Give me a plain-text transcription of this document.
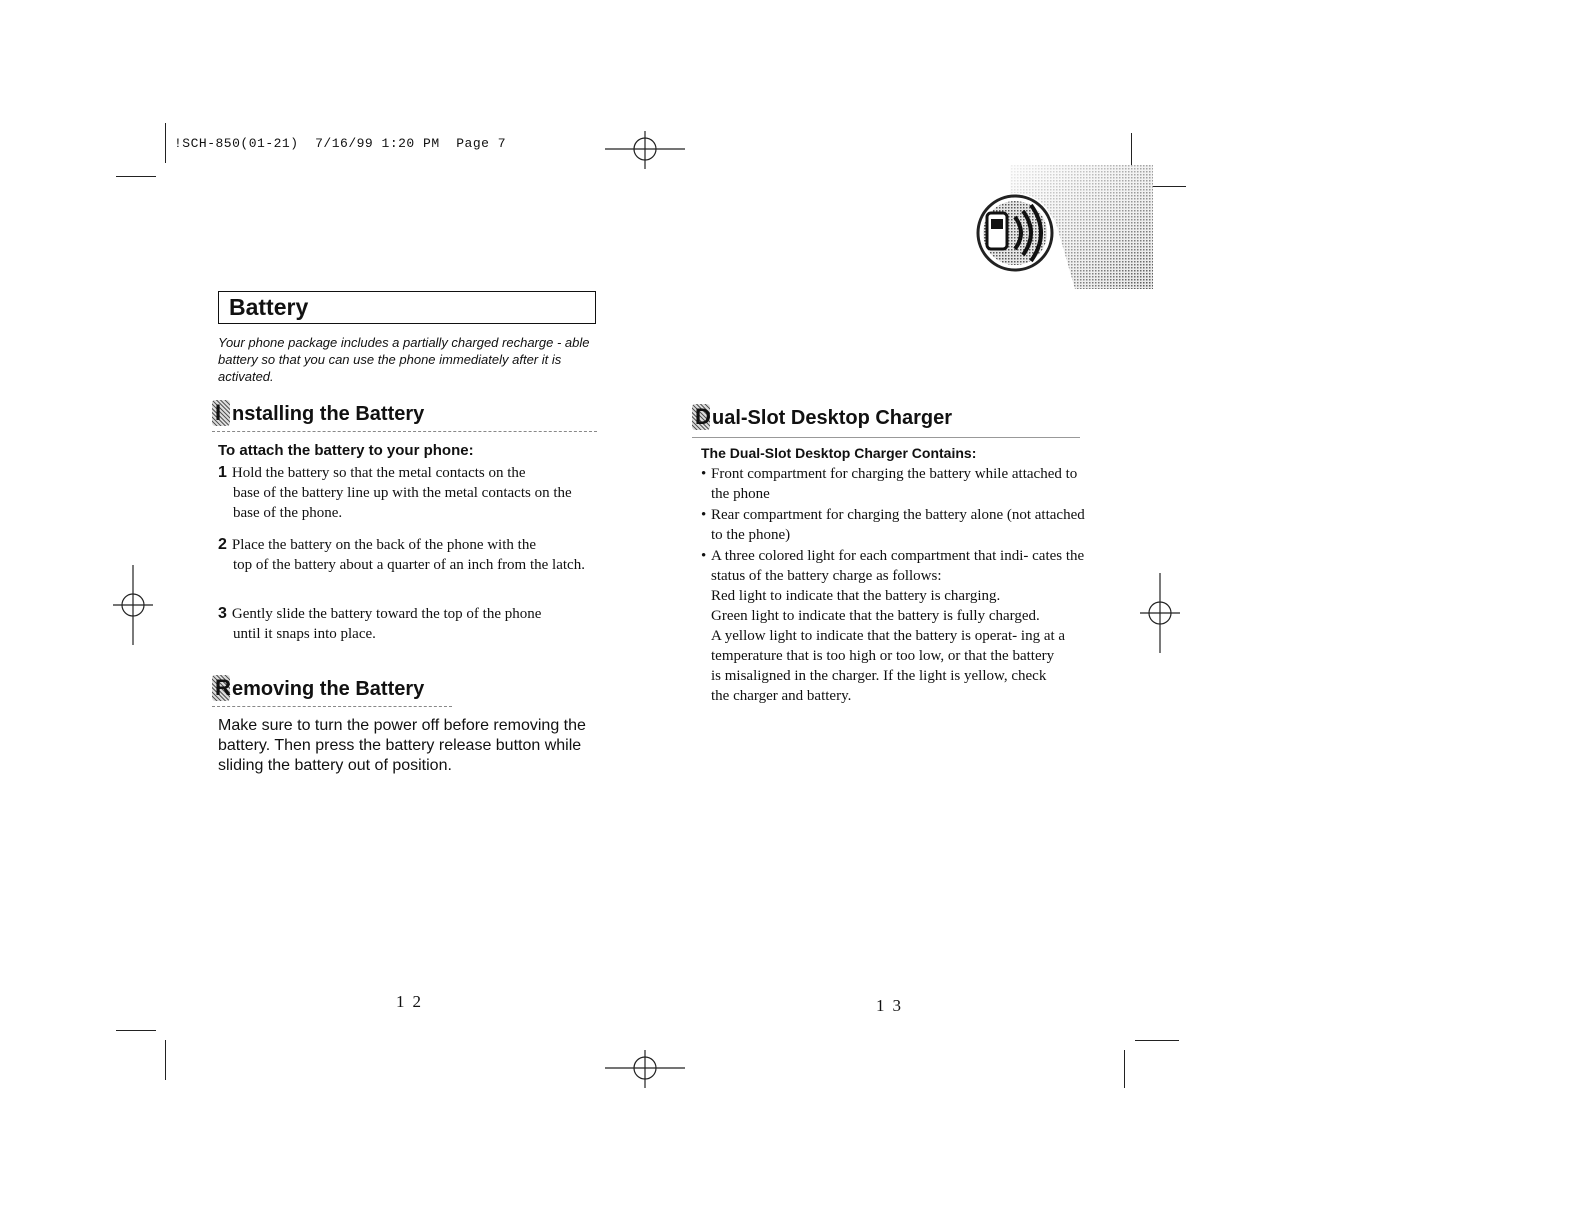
!SCH-850(01-21)  7/16/99 1:20 PM  Page 7
Battery
Your phone package includes a partially charged recharge - able battery so that you can use the phone immediately after it is activated.
I nstalling the Battery
To attach the battery to your phone:
1 Hold the battery so that the metal contacts on the
base of the battery line up with the metal contacts on the base of the phone.
2 Place the battery on the back of the phone with the
top of the battery about a quarter of an inch from the latch.
3 Gently slide the battery toward the top of the phone
until it snaps into place.
R emoving the Battery
Make sure to turn the power off before removing the battery. Then press the battery release button while sliding the battery out of position.
12
D ual-Slot Desktop Charger
The Dual-Slot Desktop Charger Contains:
• Front compartment for charging the battery while attached to the phone
• Rear compartment for charging the battery alone (not attached to the phone)
• A three colored light for each compartment that indi- cates the status of the battery charge as follows:
Red light to indicate that the battery is charging.
Green light to indicate that the battery is fully charged.
A yellow light to indicate that the battery is operat- ing at a temperature that is too high or too low, or that the battery is misaligned in the charger. If the light is yellow, check the charger and battery.
13
